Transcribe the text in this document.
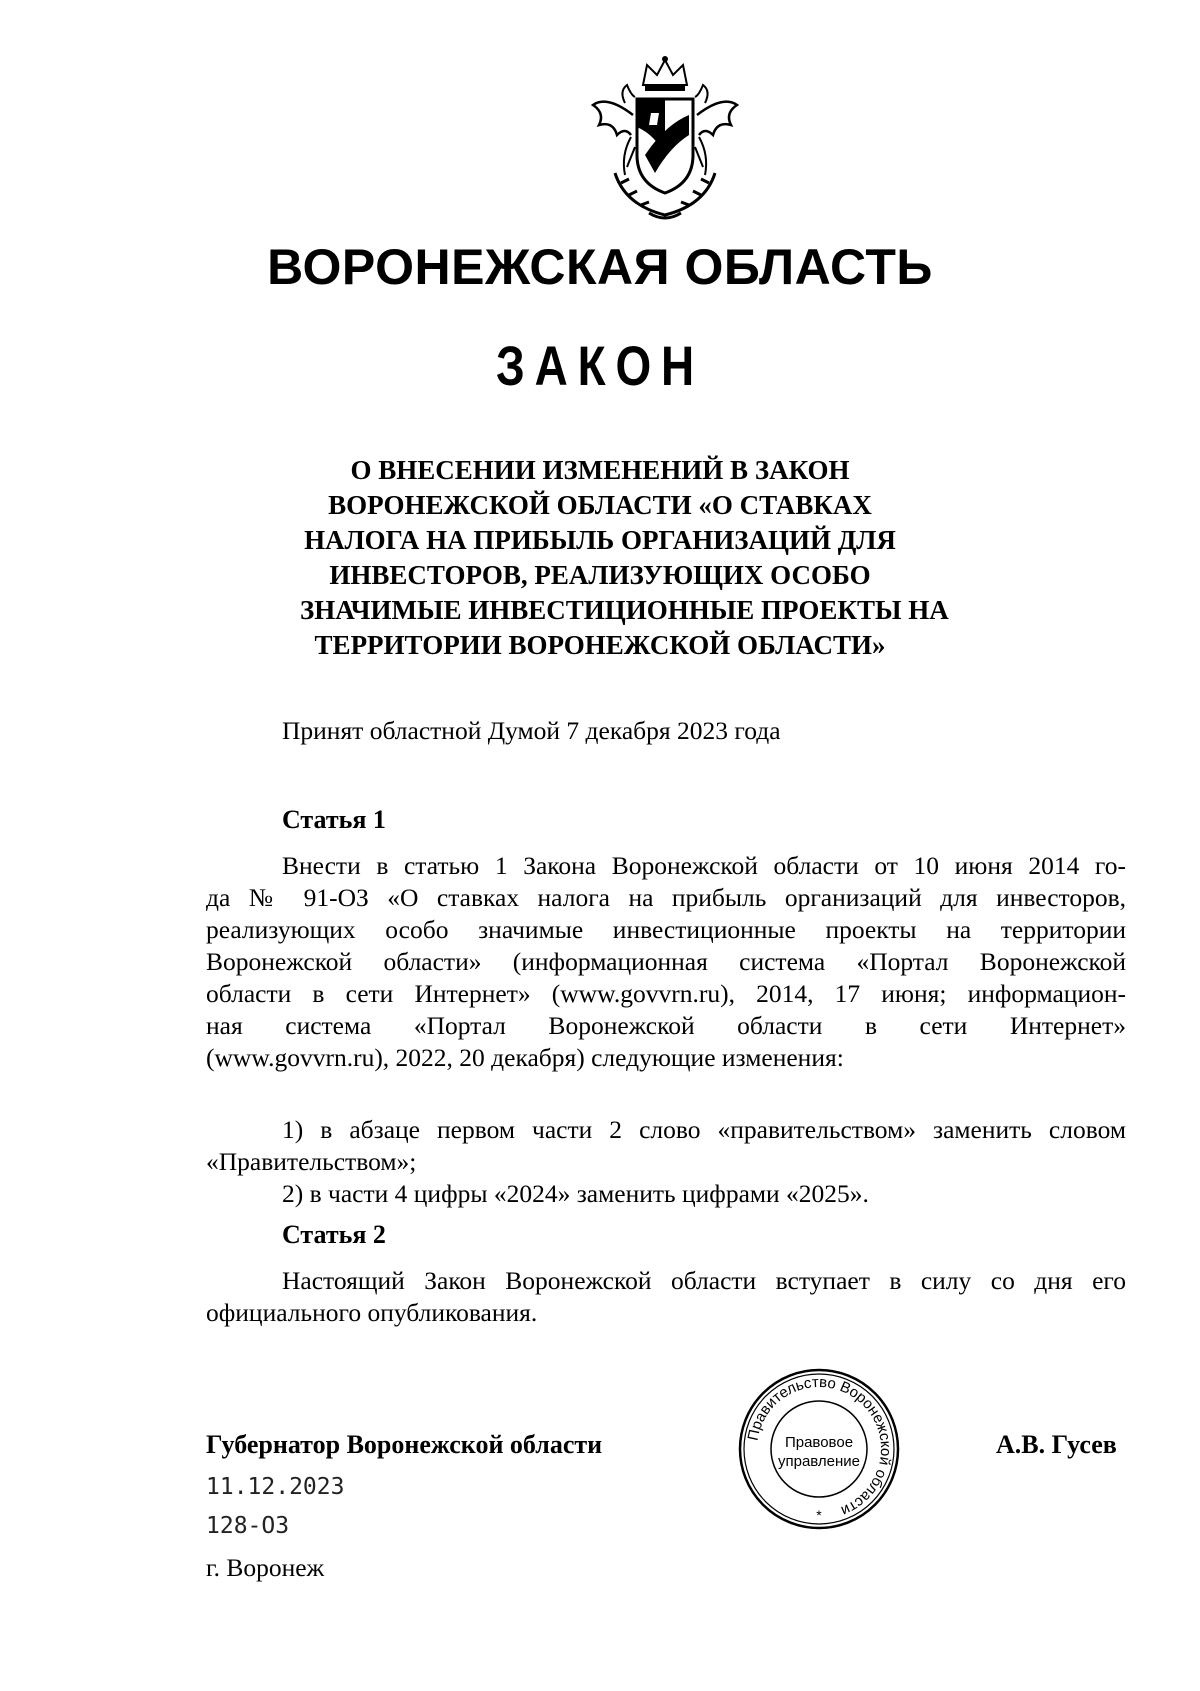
ВОРОНЕЖСКАЯ ОБЛАСТЬ
ЗАКОН
О ВНЕСЕНИИ ИЗМЕНЕНИЙ В ЗАКОН
ВОРОНЕЖСКОЙ ОБЛАСТИ «О СТАВКАХ
НАЛОГА НА ПРИБЫЛЬ ОРГАНИЗАЦИЙ ДЛЯ
ИНВЕСТОРОВ, РЕАЛИЗУЮЩИХ ОСОБО
ЗНАЧИМЫЕ ИНВЕСТИЦИОННЫЕ ПРОЕКТЫ НА
ТЕРРИТОРИИ ВОРОНЕЖСКОЙ ОБЛАСТИ»
Принят областной Думой 7 декабря 2023 года
Статья 1
Внести в статью 1 Закона Воронежской области от 10 июня 2014 го-
да № 91-ОЗ «О ставках налога на прибыль организаций для инвесторов,
реализующих особо значимые инвестиционные проекты на территории
Воронежской области» (информационная система «Портал Воронежской
области в сети Интернет» (www.govvrn.ru), 2014, 17 июня; информацион-
ная система «Портал Воронежской области в сети Интернет»
(www.govvrn.ru), 2022, 20 декабря) следующие изменения:
1) в абзаце первом части 2 слово «правительством» заменить словом
«Правительством»;
2) в части 4 цифры «2024» заменить цифрами «2025».
Статья 2
Настоящий Закон Воронежской области вступает в силу со дня его
официального опубликования.
Губернатор Воронежской области
11.12.2023
128-ОЗ
г. Воронеж
А.В. Гусев
Правительство Воронежской области
*
Правовое
управление
